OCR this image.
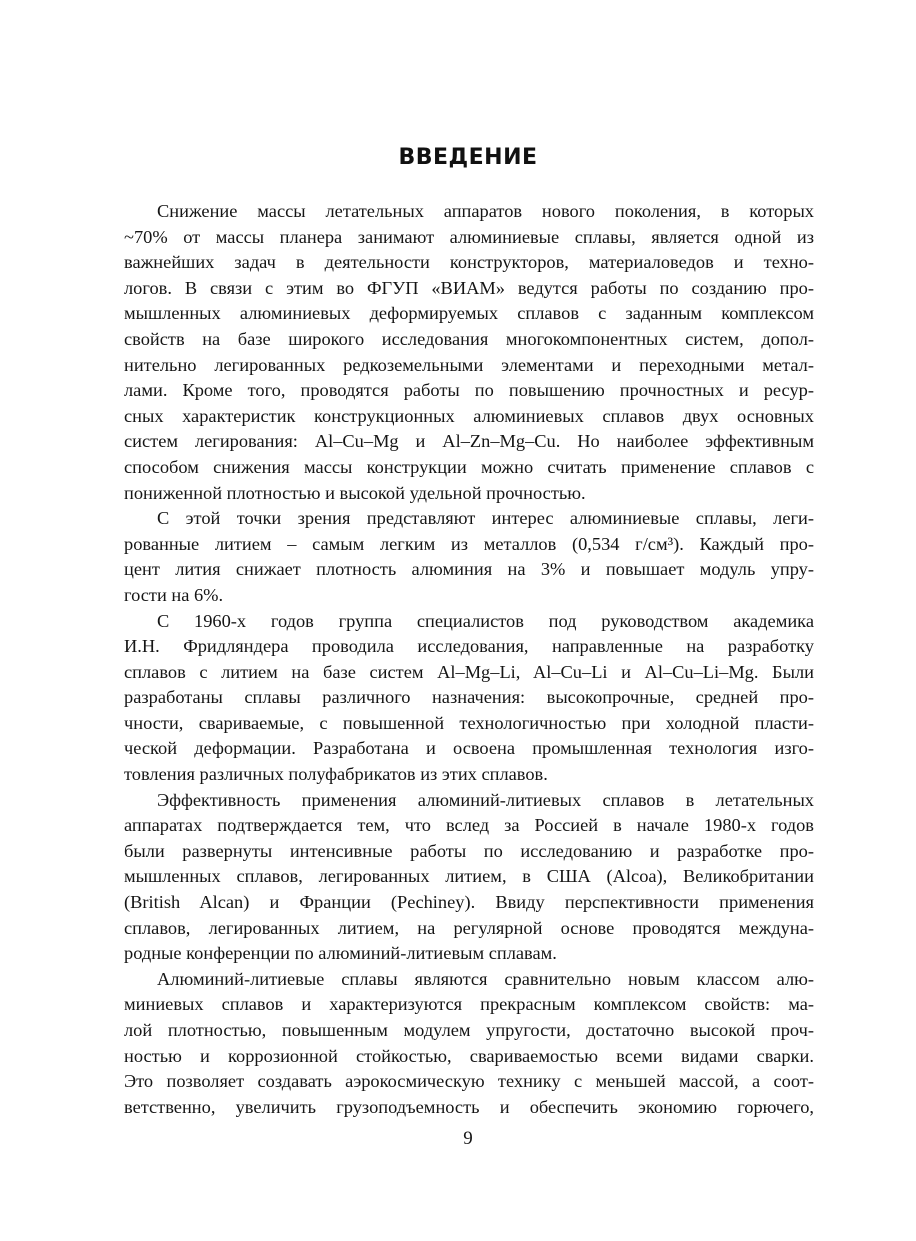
ВВЕДЕНИЕ
Снижение массы летательных аппаратов нового поколения, в которых
~70% от массы планера занимают алюминиевые сплавы, является одной из
важнейших задач в деятельности конструкторов, материаловедов и техно-
логов. В связи с этим во ФГУП «ВИАМ» ведутся работы по созданию про-
мышленных алюминиевых деформируемых сплавов с заданным комплексом
свойств на базе широкого исследования многокомпонентных систем, допол-
нительно легированных редкоземельными элементами и переходными метал-
лами. Кроме того, проводятся работы по повышению прочностных и ресур-
сных характеристик конструкционных алюминиевых сплавов двух основных
систем легирования: Al–Cu–Mg и Al–Zn–Mg–Cu. Но наиболее эффективным
способом снижения массы конструкции можно считать применение сплавов с
пониженной плотностью и высокой удельной прочностью.
С этой точки зрения представляют интерес алюминиевые сплавы, леги-
рованные литием – самым легким из металлов (0,534 г/см³). Каждый про-
цент лития снижает плотность алюминия на 3% и повышает модуль упру-
гости на 6%.
С 1960-х годов группа специалистов под руководством академика
И.Н. Фридляндера проводила исследования, направленные на разработку
сплавов с литием на базе систем Al–Mg–Li, Al–Cu–Li и Al–Cu–Li–Mg. Были
разработаны сплавы различного назначения: высокопрочные, средней про-
чности, свариваемые, с повышенной технологичностью при холодной пласти-
ческой деформации. Разработана и освоена промышленная технология изго-
товления различных полуфабрикатов из этих сплавов.
Эффективность применения алюминий-литиевых сплавов в летательных
аппаратах подтверждается тем, что вслед за Россией в начале 1980-х годов
были развернуты интенсивные работы по исследованию и разработке про-
мышленных сплавов, легированных литием, в США (Alcoa), Великобритании
(British Alcan) и Франции (Pechiney). Ввиду перспективности применения
сплавов, легированных литием, на регулярной основе проводятся междуна-
родные конференции по алюминий-литиевым сплавам.
Алюминий-литиевые сплавы являются сравнительно новым классом алю-
миниевых сплавов и характеризуются прекрасным комплексом свойств: ма-
лой плотностью, повышенным модулем упругости, достаточно высокой проч-
ностью и коррозионной стойкостью, свариваемостью всеми видами сварки.
Это позволяет создавать аэрокосмическую технику с меньшей массой, а соот-
ветственно, увеличить грузоподъемность и обеспечить экономию горючего,
9
